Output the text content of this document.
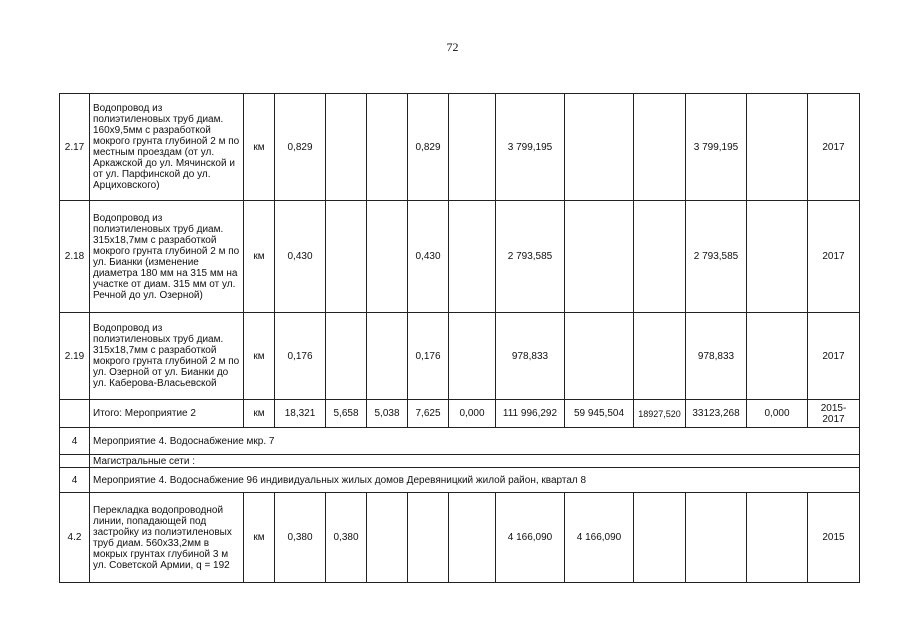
72
2.17	Водопровод из полиэтиленовых труб диам. 160х9,5мм с разработкой мокрого грунта глубиной 2 м по местным проездам (от ул. Аркажской до ул. Мячинской и от ул. Парфинской до ул. Арциховского)	км	0,829			0,829		3 799,195			3 799,195		2017
2.18	Водопровод из полиэтиленовых труб диам. 315х18,7мм с разработкой мокрого грунта глубиной 2 м по ул. Бианки (изменение диаметра 180 мм на 315 мм на участке от диам. 315 мм от ул. Речной до ул. Озерной)	км	0,430			0,430		2 793,585			2 793,585		2017
2.19	Водопровод из полиэтиленовых труб диам. 315х18,7мм с разработкой мокрого грунта глубиной 2 м по ул. Озерной от ул. Бианки до ул. Каберова-Власьевской	км	0,176			0,176		978,833			978,833		2017
	Итого: Мероприятие 2	км	18,321	5,658	5,038	7,625	0,000	111 996,292	59 945,504	18927,520	33123,268	0,000	2015-2017
4	Мероприятие 4. Водоснабжение мкр. 7												
	Магистральные сети :												
4	Мероприятие 4. Водоснабжение 96 индивидуальных жилых домов Деревяницкий жилой район, квартал 8												
4.2	Перекладка водопроводной линии, попадающей под застройку из полиэтиленовых труб диам. 560х33,2мм в мокрых грунтах глубиной 3 м ул. Советской Армии, q = 192	км	0,380	0,380				4 166,090	4 166,090				2015
